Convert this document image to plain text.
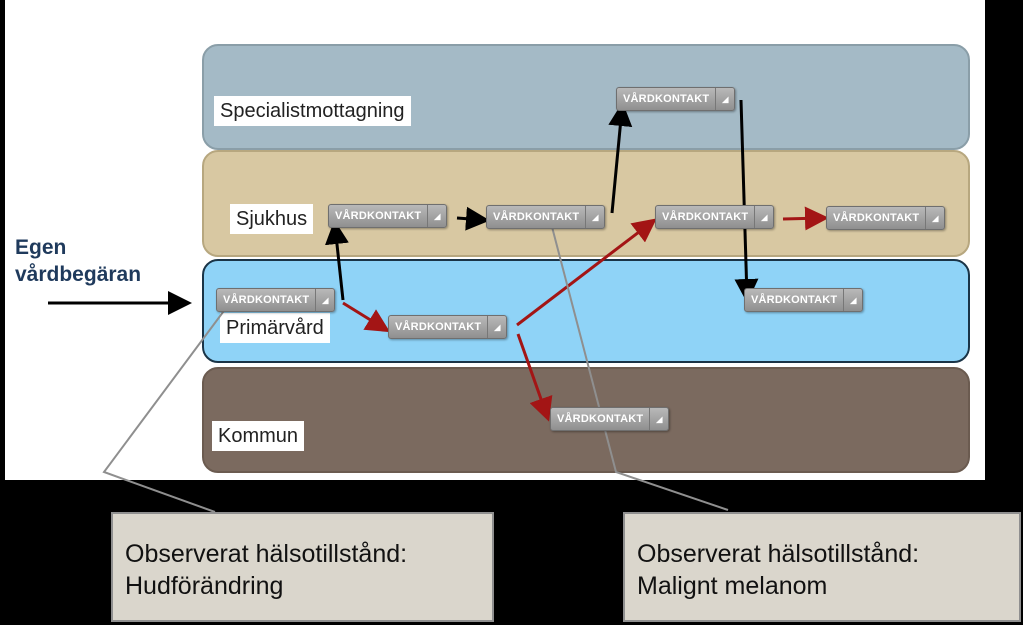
Specialistmottagning
Sjukhus
Primärvård
Kommun
Egen
vårdbegäran
VÅRDKONTAKT	◢
VÅRDKONTAKT	◢	VÅRDKONTAKT	◢
VÅRDKONTAKT	◢
VÅRDKONTAKT	◢	VÅRDKONTAKT	◢
VÅRDKONTAKT	◢
VÅRDKONTAKT	◢
VÅRDKONTAKT	◢
Observerat hälsotillstånd:
Hudförändring
Observerat hälsotillstånd:
Malignt melanom
